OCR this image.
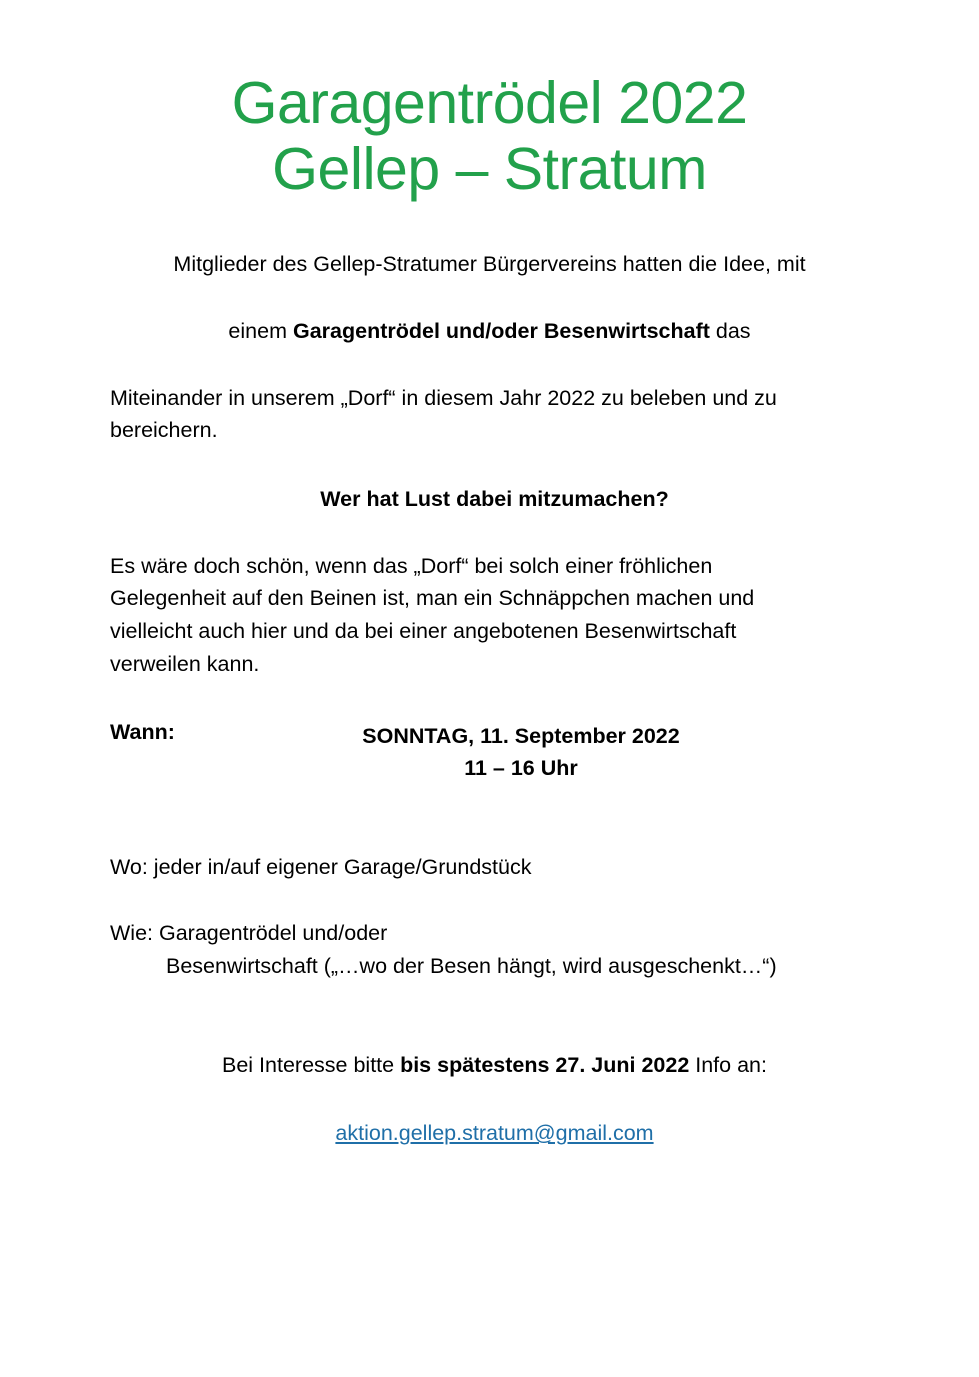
Garagentrödel 2022
Gellep – Stratum

Mitglieder des Gellep-Stratumer Bürgervereins hatten die Idee, mit

einem Garagentrödel und/oder Besenwirtschaft das

Miteinander in unserem „Dorf“ in diesem Jahr 2022 zu beleben und zu bereichern.

Wer hat Lust dabei mitzumachen?

Es wäre doch schön, wenn das „Dorf“ bei solch einer fröhlichen Gelegenheit auf den Beinen ist, man ein Schnäppchen machen und vielleicht auch hier und da bei einer angebotenen Besenwirtschaft verweilen kann.

Wann:	SONNTAG, 11. September 2022
11 – 16 Uhr

Wo: jeder in/auf eigener Garage/Grundstück

Wie: Garagentrödel und/oder
Besenwirtschaft („…wo der Besen hängt, wird ausgeschenkt…“)

Bei Interesse bitte bis spätestens 27. Juni 2022 Info an:

aktion.gellep.stratum@gmail.com
